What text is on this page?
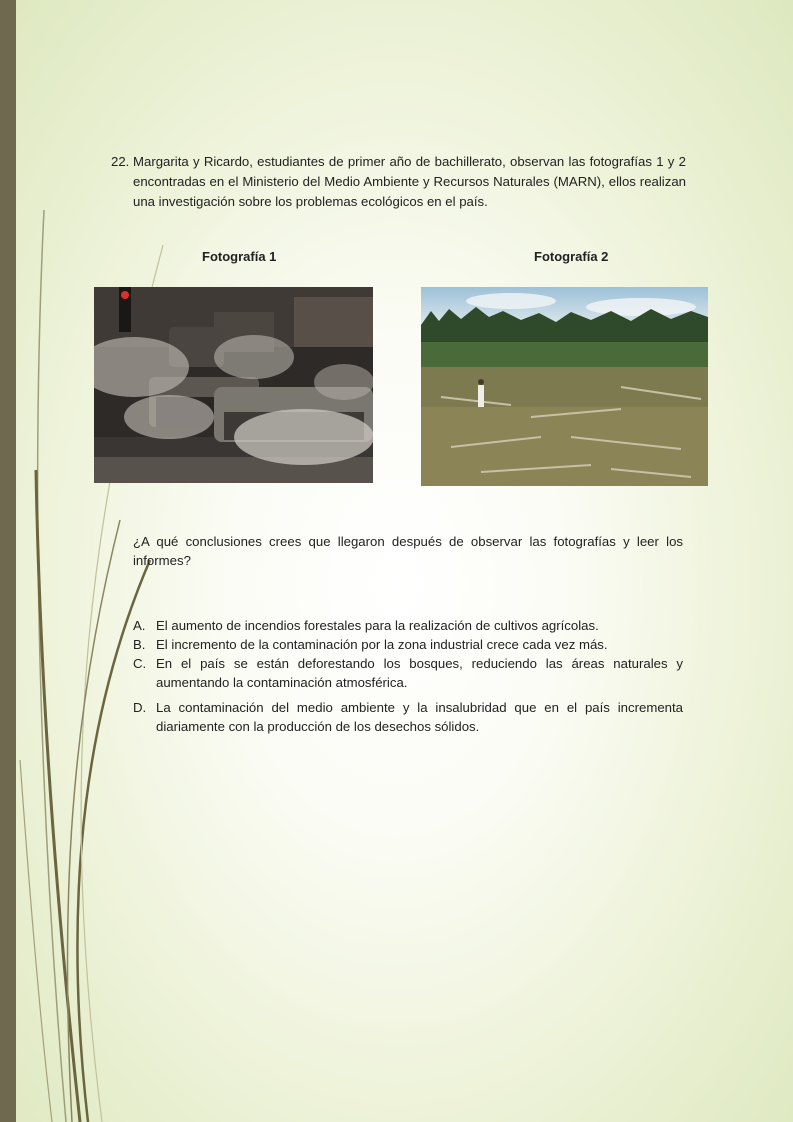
22. Margarita y Ricardo, estudiantes de primer año de bachillerato, observan las fotografías 1 y 2 encontradas en el Ministerio del Medio Ambiente y Recursos Naturales (MARN), ellos realizan una investigación sobre los problemas ecológicos en el país.
Fotografía 1	Fotografía 2
¿A qué conclusiones crees que llegaron después de observar las fotografías y leer los informes?
A. El aumento de incendios forestales para la realización de cultivos agrícolas.
B. El incremento de la contaminación por la zona industrial crece cada vez más.
C. En el país se están deforestando los bosques, reduciendo las áreas naturales y aumentando la contaminación atmosférica.
D. La contaminación del medio ambiente y la insalubridad que en el país incrementa diariamente con la producción de los desechos sólidos.
